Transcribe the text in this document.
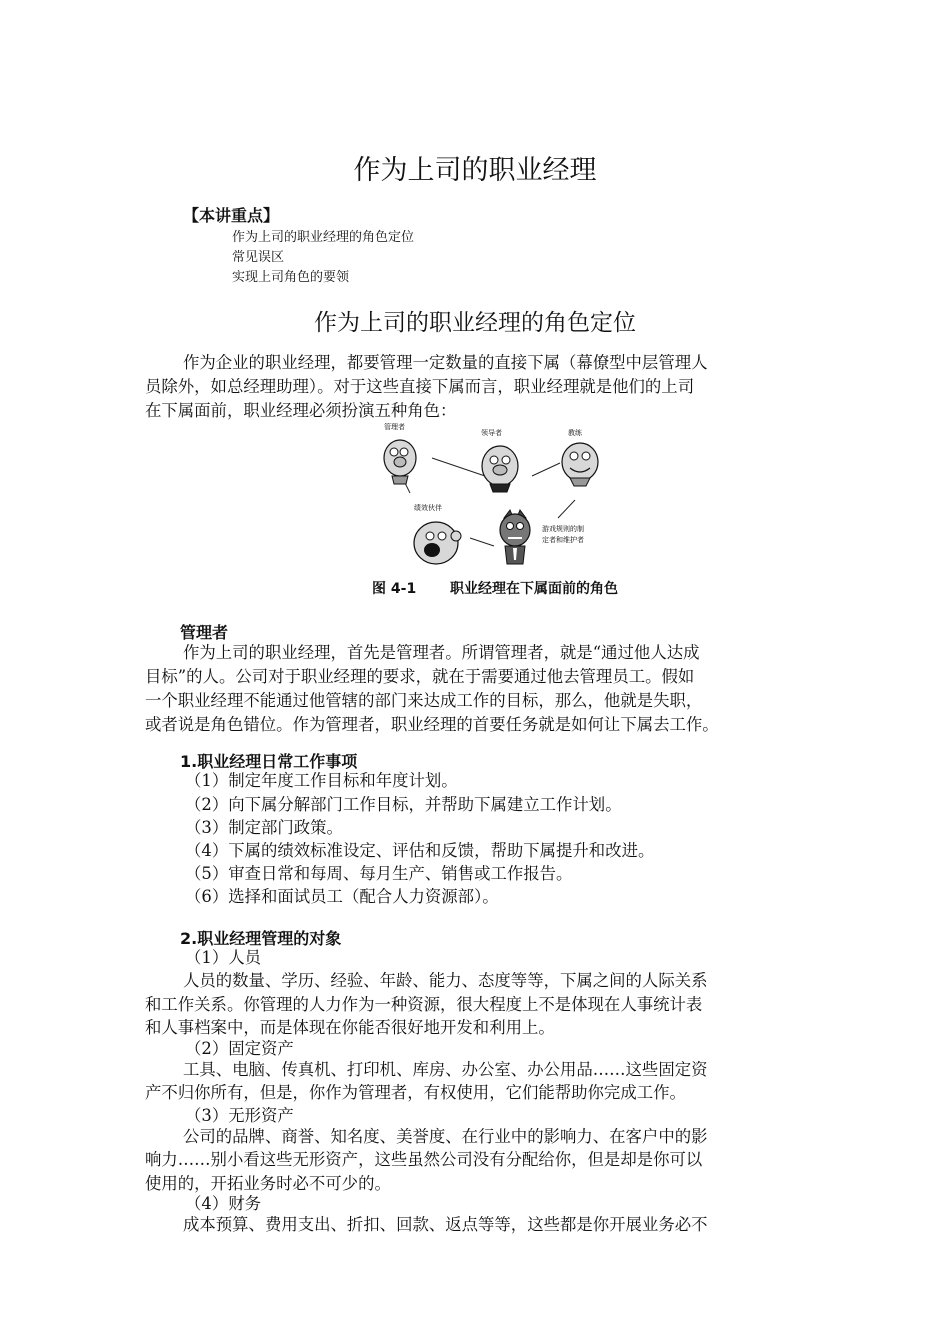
作为上司的职业经理
【本讲重点】
作为上司的职业经理的角色定位
常见误区
实现上司角色的要领
作为上司的职业经理的角色定位
作为企业的职业经理，都要管理一定数量的直接下属（幕僚型中层管理人
员除外，如总经理助理）。对于这些直接下属而言，职业经理就是他们的上司
在下属面前，职业经理必须扮演五种角色：
管理者
领导者	教练
绩效伙伴
游戏规则的制
定者和维护者
图 4-1 职业经理在下属面前的角色
管理者
作为上司的职业经理，首先是管理者。所谓管理者，就是“通过他人达成
目标”的人。公司对于职业经理的要求，就在于需要通过他去管理员工。假如
一个职业经理不能通过他管辖的部门来达成工作的目标，那么，他就是失职，
或者说是角色错位。作为管理者，职业经理的首要任务就是如何让下属去工作。
1.职业经理日常工作事项
（1）制定年度工作目标和年度计划。
（2）向下属分解部门工作目标，并帮助下属建立工作计划。
（3）制定部门政策。
（4）下属的绩效标准设定、评估和反馈，帮助下属提升和改进。
（5）审查日常和每周、每月生产、销售或工作报告。
（6）选择和面试员工（配合人力资源部）。
2.职业经理管理的对象
（1）人员
人员的数量、学历、经验、年龄、能力、态度等等，下属之间的人际关系
和工作关系。你管理的人力作为一种资源，很大程度上不是体现在人事统计表
和人事档案中，而是体现在你能否很好地开发和利用上。
（2）固定资产
工具、电脑、传真机、打印机、库房、办公室、办公用品……这些固定资
产不归你所有，但是，你作为管理者，有权使用，它们能帮助你完成工作。
（3）无形资产
公司的品牌、商誉、知名度、美誉度、在行业中的影响力、在客户中的影
响力……别小看这些无形资产，这些虽然公司没有分配给你，但是却是你可以
使用的，开拓业务时必不可少的。
（4）财务
成本预算、费用支出、折扣、回款、返点等等，这些都是你开展业务必不
